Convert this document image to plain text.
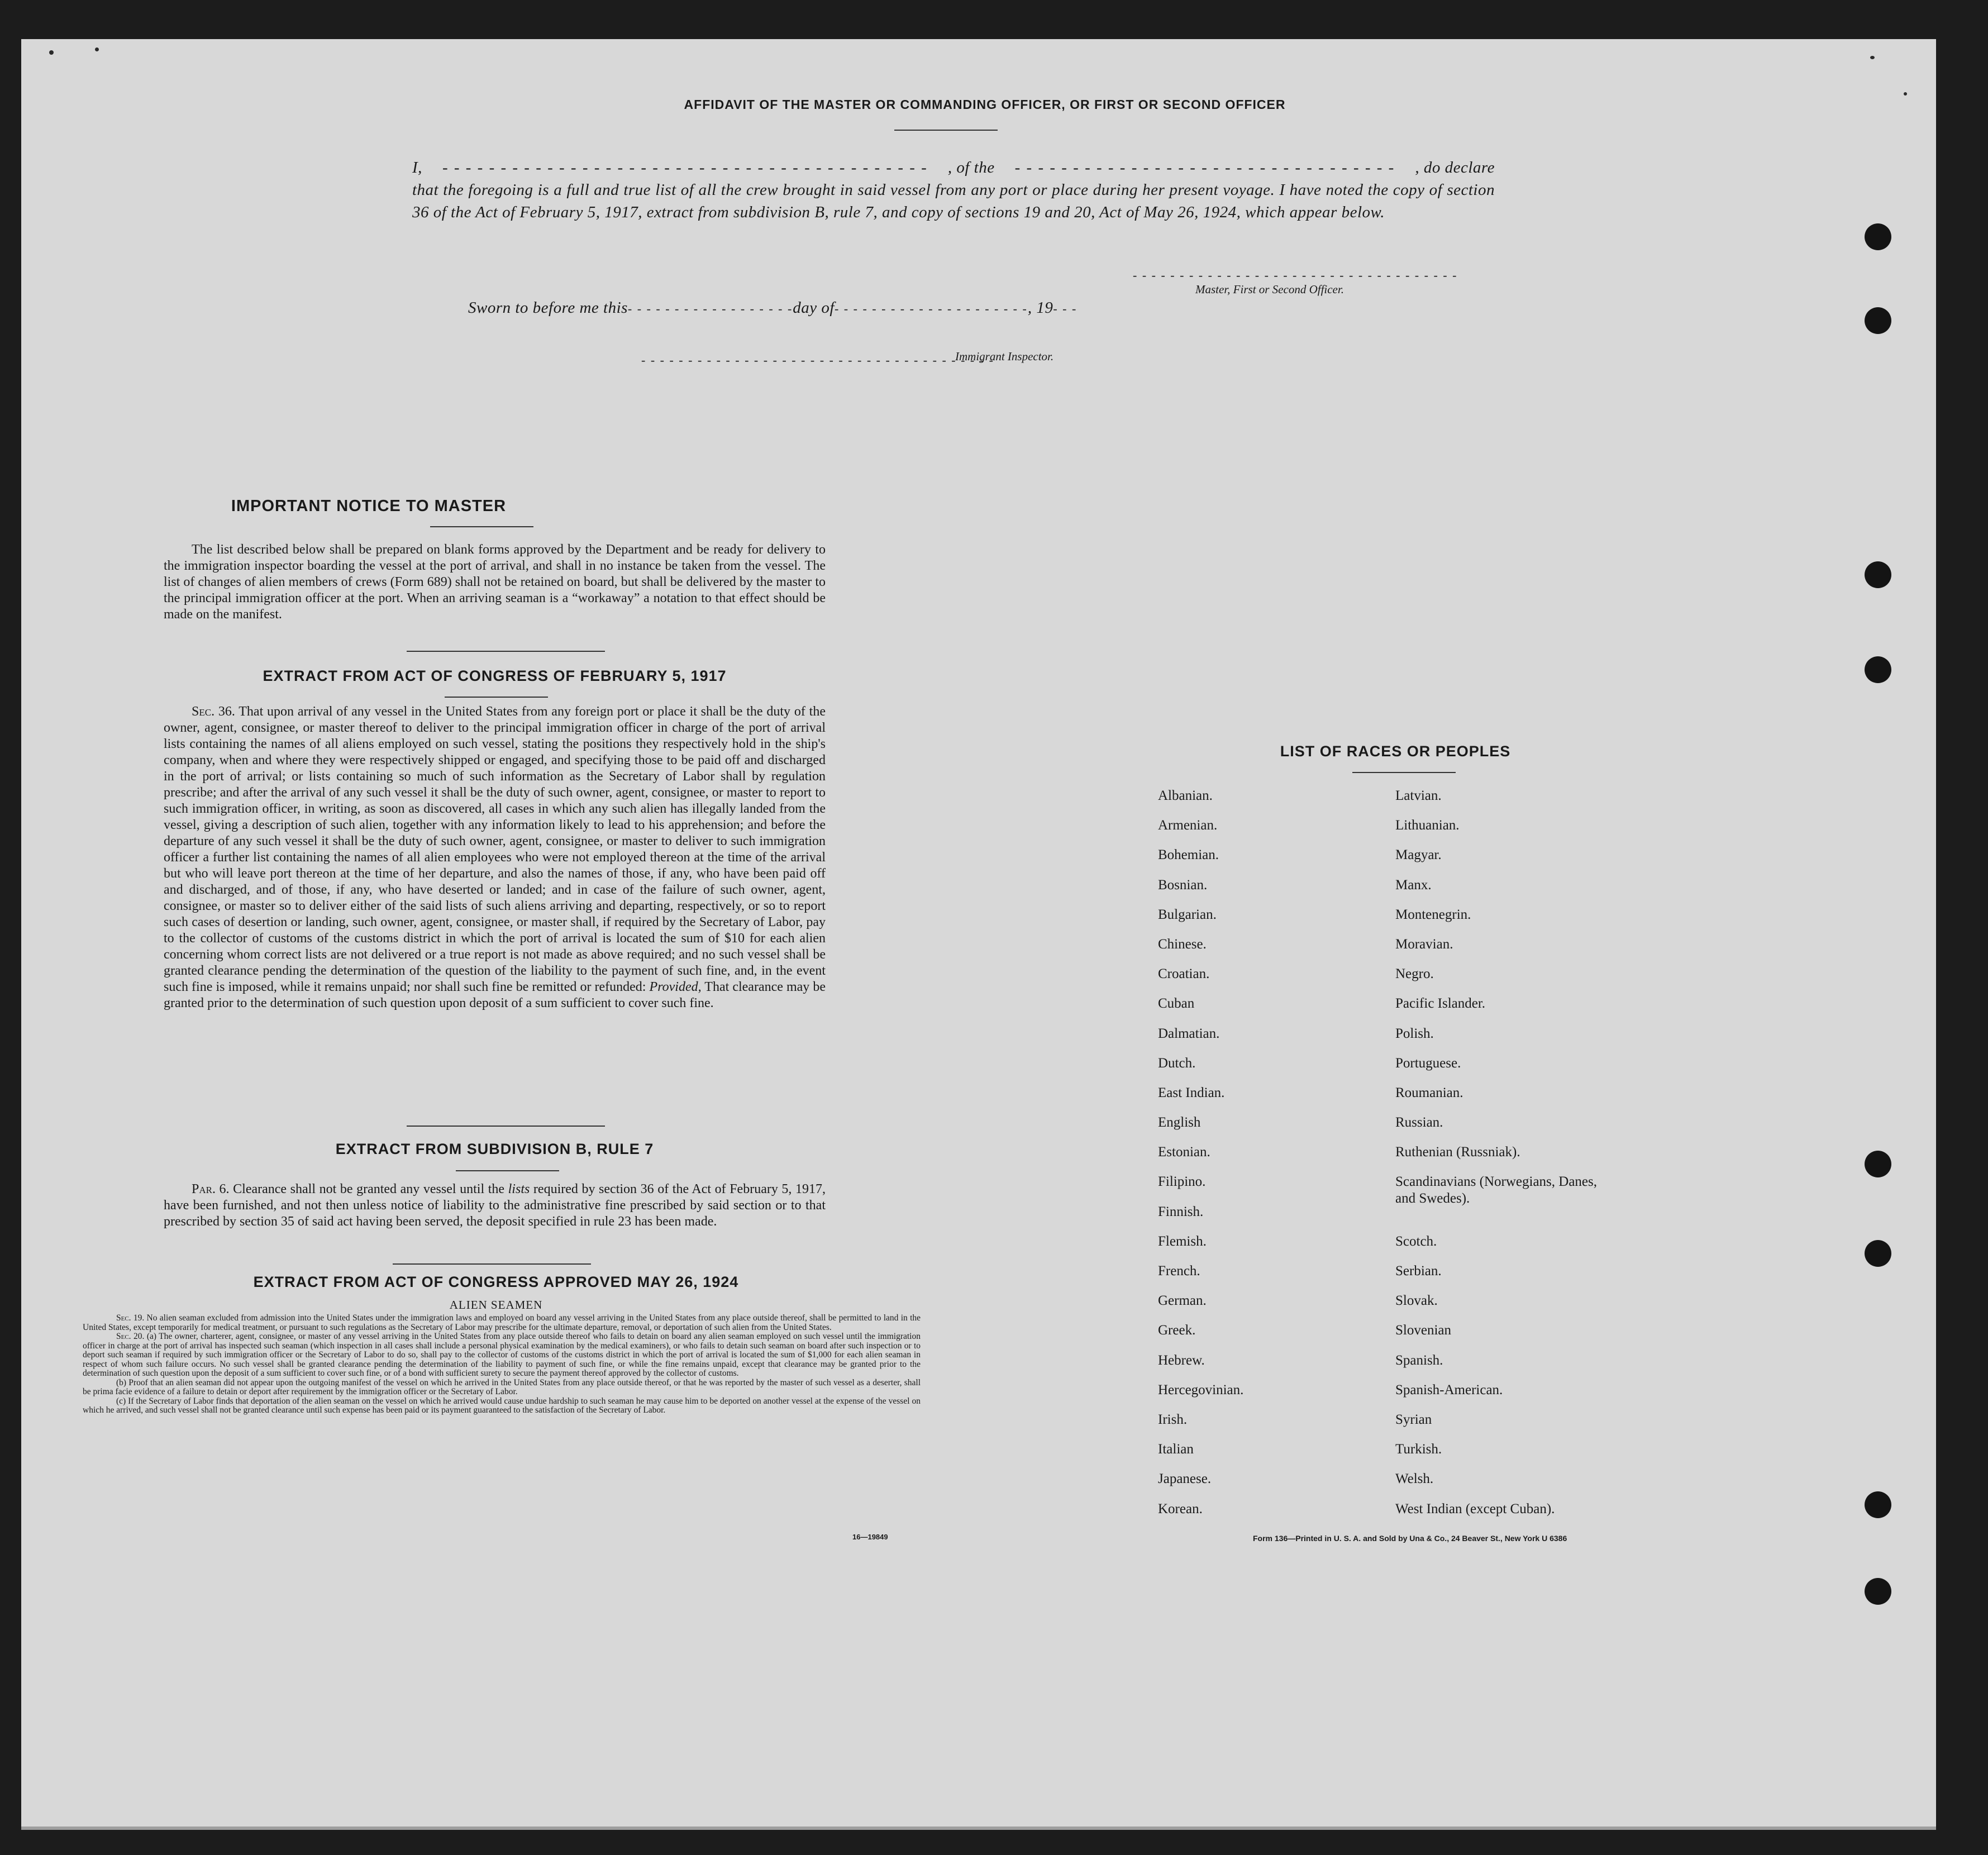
AFFIDAVIT OF THE MASTER OR COMMANDING OFFICER, OR FIRST OR SECOND OFFICER
I, - - - - - - - - - - - - - - - - - - - - - - - - - - - - - - - - - - - - - - - - - - , of the - - - - - - - - - - - - - - - - - - - - - - - - - - - - - - - - - , do declare
that the foregoing is a full and true list of all the crew brought in said vessel from any port or place during her present voyage. I have noted the copy of section 36 of the Act of February 5, 1917, extract from subdivision B, rule 7, and copy of sections 19 and 20, Act of May 26, 1924, which appear below.
- - - - - - - - - - - - - - - - - - - - - - - - - - - - - - - - - - -
Master, First or Second Officer.
Sworn to before me this- - - - - - - - - - - - - - - - - -day of- - - - - - - - - - - - - - - - - - - - -, 19- - -
- - - - - - - - - - - - - - - - - - - - - - - - - - - - - - - - - - - - - -
Immigrant Inspector.
IMPORTANT NOTICE TO MASTER

The list described below shall be prepared on blank forms approved by the Department and be ready for delivery to the immigration inspector boarding the vessel at the port of arrival, and shall in no instance be taken from the vessel. The list of changes of alien members of crews (Form 689) shall not be retained on board, but shall be delivered by the master to the principal immigration officer at the port. When an arriving seaman is a “workaway” a notation to that effect should be made on the manifest.

EXTRACT FROM ACT OF CONGRESS OF FEBRUARY 5, 1917

Sec. 36. That upon arrival of any vessel in the United States from any foreign port or place it shall be the duty of the owner, agent, consignee, or master thereof to deliver to the principal immigration officer in charge of the port of arrival lists containing the names of all aliens employed on such vessel, stating the positions they respectively hold in the ship's company, when and where they were respectively shipped or engaged, and specifying those to be paid off and discharged in the port of arrival; or lists containing so much of such information as the Secretary of Labor shall by regulation prescribe; and after the arrival of any such vessel it shall be the duty of such owner, agent, consignee, or master to report to such immigration officer, in writing, as soon as discovered, all cases in which any such alien has illegally landed from the vessel, giving a description of such alien, together with any information likely to lead to his apprehension; and before the departure of any such vessel it shall be the duty of such owner, agent, consignee, or master to deliver to such immigration officer a further list containing the names of all alien employees who were not employed thereon at the time of the arrival but who will leave port thereon at the time of her departure, and also the names of those, if any, who have been paid off and discharged, and of those, if any, who have deserted or landed; and in case of the failure of such owner, agent, consignee, or master so to deliver either of the said lists of such aliens arriving and departing, respectively, or so to report such cases of desertion or landing, such owner, agent, consignee, or master shall, if required by the Secretary of Labor, pay to the collector of customs of the customs district in which the port of arrival is located the sum of $10 for each alien concerning whom correct lists are not delivered or a true report is not made as above required; and no such vessel shall be granted clearance pending the determination of the question of the liability to the payment of such fine, and, in the event such fine is imposed, while it remains unpaid; nor shall such fine be remitted or refunded: Provided, That clearance may be granted prior to the determination of such question upon deposit of a sum sufficient to cover such fine.

EXTRACT FROM SUBDIVISION B, RULE 7

Par. 6. Clearance shall not be granted any vessel until the lists required by section 36 of the Act of February 5, 1917, have been furnished, and not then unless notice of liability to the administrative fine prescribed by said section or to that prescribed by section 35 of said act having been served, the deposit specified in rule 23 has been made.

EXTRACT FROM ACT OF CONGRESS APPROVED MAY 26, 1924
ALIEN SEAMEN

Sec. 19. No alien seaman excluded from admission into the United States under the immigration laws and employed on board any vessel arriving in the United States from any place outside thereof, shall be permitted to land in the United States, except temporarily for medical treatment, or pursuant to such regulations as the Secretary of Labor may prescribe for the ultimate departure, removal, or deportation of such alien from the United States.

Sec. 20. (a) The owner, charterer, agent, consignee, or master of any vessel arriving in the United States from any place outside thereof who fails to detain on board any alien seaman employed on such vessel until the immigration officer in charge at the port of arrival has inspected such seaman (which inspection in all cases shall include a personal physical examination by the medical examiners), or who fails to detain such seaman on board after such inspection or to deport such seaman if required by such immigration officer or the Secretary of Labor to do so, shall pay to the collector of customs of the customs district in which the port of arrival is located the sum of $1,000 for each alien seaman in respect of whom such failure occurs. No such vessel shall be granted clearance pending the determination of the liability to payment of such fine, or while the fine remains unpaid, except that clearance may be granted prior to the determination of such question upon the deposit of a sum sufficient to cover such fine, or of a bond with sufficient surety to secure the payment thereof approved by the collector of customs.

(b) Proof that an alien seaman did not appear upon the outgoing manifest of the vessel on which he arrived in the United States from any place outside thereof, or that he was reported by the master of such vessel as a deserter, shall be prima facie evidence of a failure to detain or deport after requirement by the immigration officer or the Secretary of Labor.

(c) If the Secretary of Labor finds that deportation of the alien seaman on the vessel on which he arrived would cause undue hardship to such seaman he may cause him to be deported on another vessel at the expense of the vessel on which he arrived, and such vessel shall not be granted clearance until such expense has been paid or its payment guaranteed to the satisfaction of the Secretary of Labor.

16—19849
LIST OF RACES OR PEOPLES
Albanian.
Armenian.
Bohemian.
Bosnian.
Bulgarian.
Chinese.
Croatian.
Cuban
Dalmatian.
Dutch.
East Indian.
English
Estonian.
Filipino.
Finnish.
Flemish.
French.
German.
Greek.
Hebrew.
Hercegovinian.
Irish.
Italian
Japanese.
Korean.
Latvian.
Lithuanian.
Magyar.
Manx.
Montenegrin.
Moravian.
Negro.
Pacific Islander.
Polish.
Portuguese.
Roumanian.
Russian.
Ruthenian (Russniak).
Scandinavians (Norwegians, Danes, and Swedes).
Scotch.
Serbian.
Slovak.
Slovenian
Spanish.
Spanish-American.
Syrian
Turkish.
Welsh.
West Indian (except Cuban).
Form 136—Printed in U. S. A. and Sold by Una & Co., 24 Beaver St., New York U 6386
